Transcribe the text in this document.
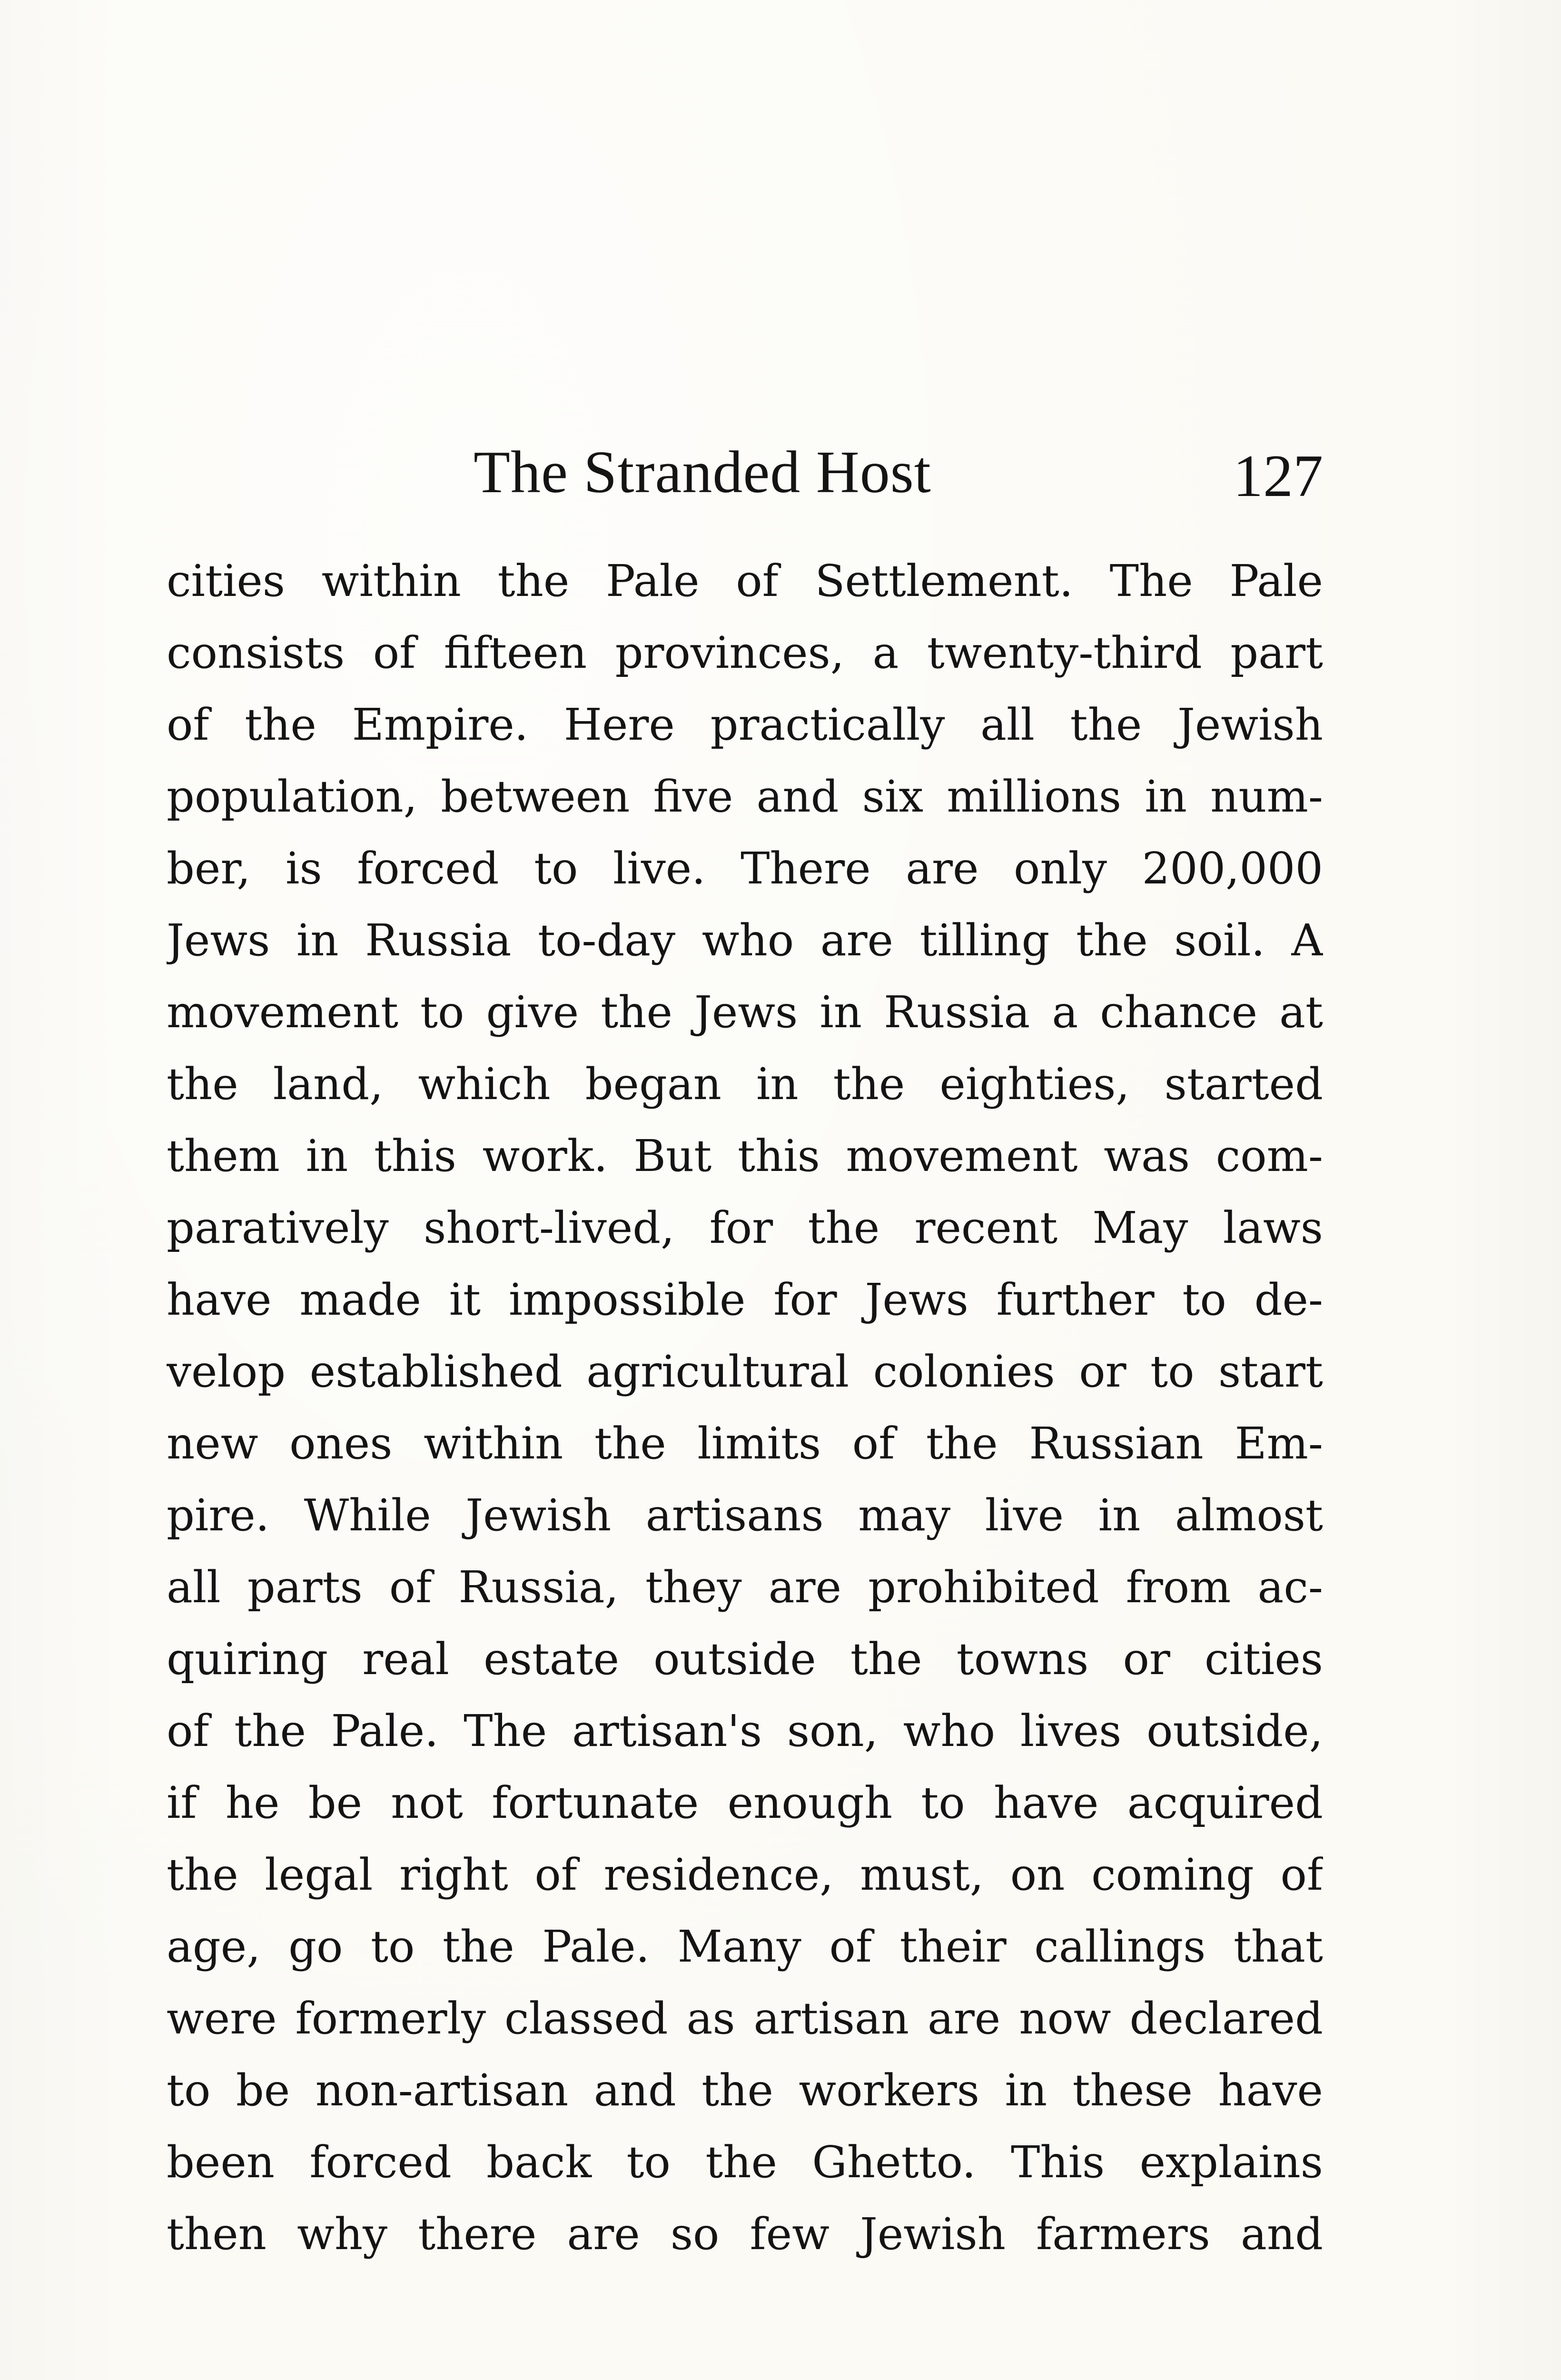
The Stranded Host	127
cities within the Pale of Settlement. The Pale
consists of fifteen provinces, a twenty-third part
of the Empire. Here practically all the Jewish
population, between five and six millions in num-
ber, is forced to live. There are only 200,000
Jews in Russia to-day who are tilling the soil. A
movement to give the Jews in Russia a chance at
the land, which began in the eighties, started
them in this work. But this movement was com-
paratively short-lived, for the recent May laws
have made it impossible for Jews further to de-
velop established agricultural colonies or to start
new ones within the limits of the Russian Em-
pire. While Jewish artisans may live in almost
all parts of Russia, they are prohibited from ac-
quiring real estate outside the towns or cities
of the Pale. The artisan's son, who lives outside,
if he be not fortunate enough to have acquired
the legal right of residence, must, on coming of
age, go to the Pale. Many of their callings that
were formerly classed as artisan are now declared
to be non-artisan and the workers in these have
been forced back to the Ghetto. This explains
then why there are so few Jewish farmers and
